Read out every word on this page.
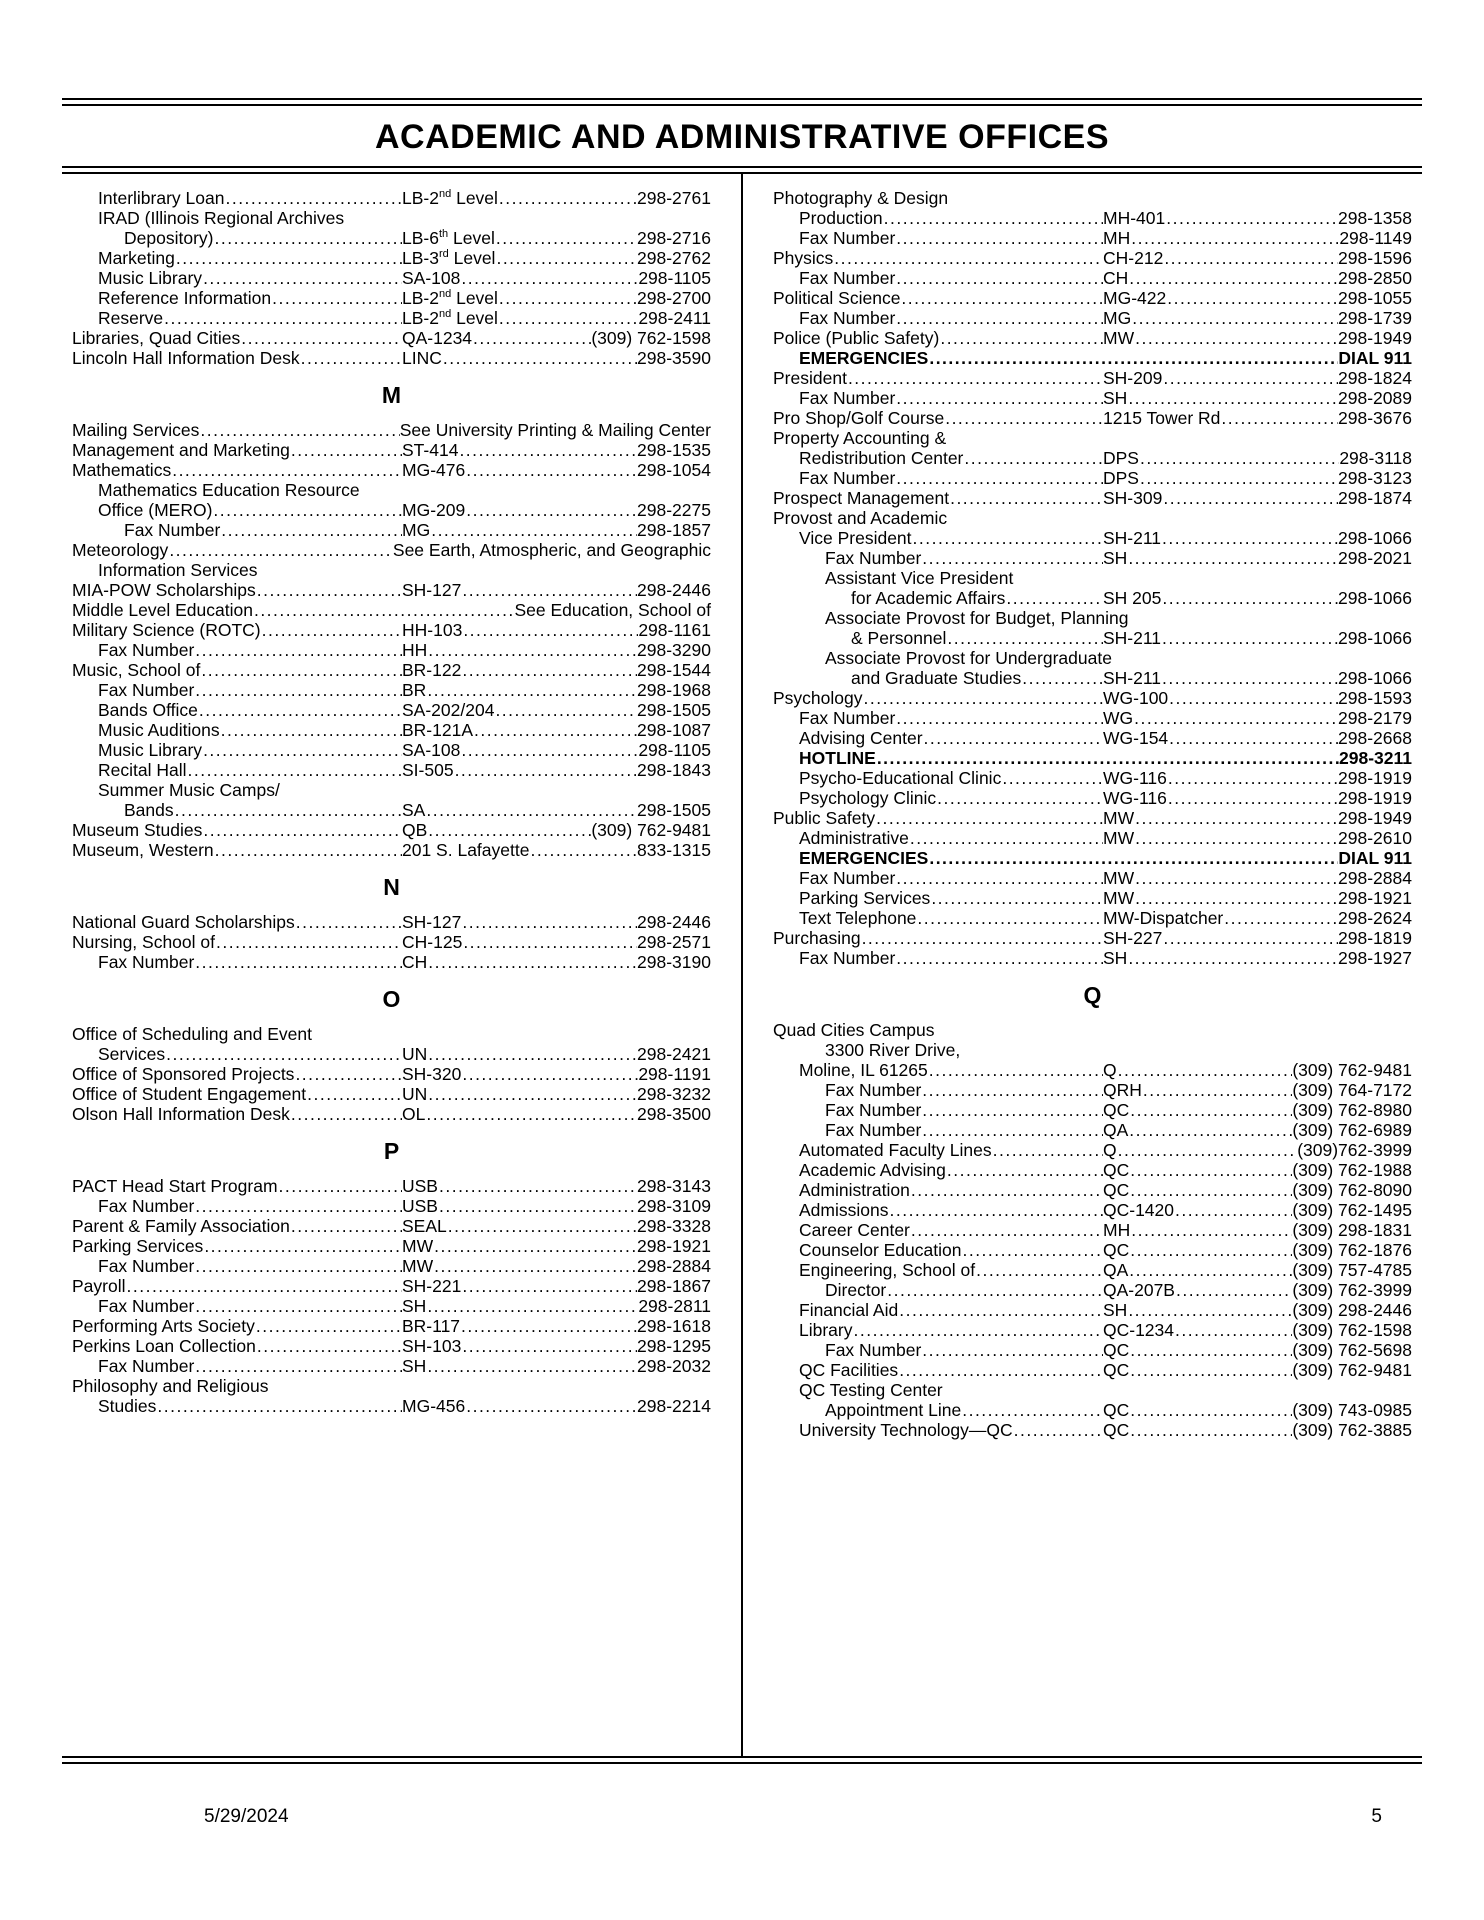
ACADEMIC AND ADMINISTRATIVE OFFICES
Interlibrary Loan .....	LB-2nd Level .....	298-2761
IRAD (Illinois Regional Archives
Depository) .....	LB-6th Level .....	298-2716
Marketing .....	LB-3rd Level .....	298-2762
Music Library .....	SA-108 .....	298-1105
Reference Information .....	LB-2nd Level .....	298-2700
Reserve .....	LB-2nd Level .....	298-2411
Libraries, Quad Cities .....	QA-1234 .....	(309) 762-1598
Lincoln Hall Information Desk .....	LINC .....	298-3590
M
Mailing Services .....	See University Printing & Mailing Center
Management and Marketing .....	ST-414 .....	298-1535
Mathematics .....	MG-476 .....	298-1054
Mathematics Education Resource
Office (MERO) .....	MG-209 .....	298-2275
Fax Number .....	MG .....	298-1857
Meteorology .....	See Earth, Atmospheric, and Geographic
Information Services
MIA-POW Scholarships .....	SH-127 .....	298-2446
Middle Level Education .....	See Education, School of
Military Science (ROTC) .....	HH-103 .....	298-1161
Fax Number .....	HH .....	298-3290
Music, School of .....	BR-122 .....	298-1544
Fax Number .....	BR .....	298-1968
Bands Office .....	SA-202/204 .....	298-1505
Music Auditions .....	BR-121A .....	298-1087
Music Library .....	SA-108 .....	298-1105
Recital Hall .....	SI-505 .....	298-1843
Summer Music Camps/
Bands .....	SA .....	298-1505
Museum Studies .....	QB .....	(309) 762-9481
Museum, Western .....	201 S. Lafayette .....	833-1315
N
National Guard Scholarships .....	SH-127 .....	298-2446
Nursing, School of .....	CH-125 .....	298-2571
Fax Number .....	CH .....	298-3190
O
Office of Scheduling and Event
Services .....	UN .....	298-2421
Office of Sponsored Projects .....	SH-320 .....	298-1191
Office of Student Engagement .....	UN .....	298-3232
Olson Hall Information Desk .....	OL .....	298-3500
P
PACT Head Start Program .....	USB .....	298-3143
Fax Number .....	USB .....	298-3109
Parent & Family Association .....	SEAL .....	298-3328
Parking Services .....	MW .....	298-1921
Fax Number .....	MW .....	298-2884
Payroll .....	SH-221 .....	298-1867
Fax Number .....	SH .....	298-2811
Performing Arts Society .....	BR-117 .....	298-1618
Perkins Loan Collection .....	SH-103 .....	298-1295
Fax Number .....	SH .....	298-2032
Philosophy and Religious
Studies .....	MG-456 .....	298-2214
Photography & Design
Production .....	MH-401 .....	298-1358
Fax Number .....	MH .....	298-1149
Physics .....	CH-212 .....	298-1596
Fax Number .....	CH .....	298-2850
Political Science .....	MG-422 .....	298-1055
Fax Number .....	MG .....	298-1739
Police (Public Safety) .....	MW .....	298-1949
EMERGENCIES .....	DIAL 911
President .....	SH-209 .....	298-1824
Fax Number .....	SH .....	298-2089
Pro Shop/Golf Course .....	1215 Tower Rd .....	298-3676
Property Accounting &
Redistribution Center .....	DPS .....	298-3118
Fax Number .....	DPS .....	298-3123
Prospect Management .....	SH-309 .....	298-1874
Provost and Academic
Vice President .....	SH-211 .....	298-1066
Fax Number .....	SH .....	298-2021
Assistant Vice President
for Academic Affairs .....	SH 205 .....	298-1066
Associate Provost for Budget, Planning
& Personnel .....	SH-211 .....	298-1066
Associate Provost for Undergraduate
and Graduate Studies .....	SH-211 .....	298-1066
Psychology .....	WG-100 .....	298-1593
Fax Number .....	WG .....	298-2179
Advising Center .....	WG-154 .....	298-2668
HOTLINE .....	298-3211
Psycho-Educational Clinic .....	WG-116 .....	298-1919
Psychology Clinic .....	WG-116 .....	298-1919
Public Safety .....	MW .....	298-1949
Administrative .....	MW .....	298-2610
EMERGENCIES .....	DIAL 911
Fax Number .....	MW .....	298-2884
Parking Services .....	MW .....	298-1921
Text Telephone .....	MW-Dispatcher .....	298-2624
Purchasing .....	SH-227 .....	298-1819
Fax Number .....	SH .....	298-1927
Q
Quad Cities Campus
3300 River Drive,
Moline, IL 61265 .....	Q .....	(309) 762-9481
Fax Number .....	QRH .....	(309) 764-7172
Fax Number .....	QC .....	(309) 762-8980
Fax Number .....	QA .....	(309) 762-6989
Automated Faculty Lines .....	Q .....	(309)762-3999
Academic Advising .....	QC .....	(309) 762-1988
Administration .....	QC .....	(309) 762-8090
Admissions .....	QC-1420 .....	(309) 762-1495
Career Center .....	MH .....	(309) 298-1831
Counselor Education .....	QC .....	(309) 762-1876
Engineering, School of .....	QA .....	(309) 757-4785
Director .....	QA-207B .....	(309) 762-3999
Financial Aid .....	SH .....	(309) 298-2446
Library .....	QC-1234 .....	(309) 762-1598
Fax Number .....	QC .....	(309) 762-5698
QC Facilities .....	QC .....	(309) 762-9481
QC Testing Center
Appointment Line .....	QC .....	(309) 743-0985
University Technology—QC .....	QC .....	(309) 762-3885
5/29/2024	5
